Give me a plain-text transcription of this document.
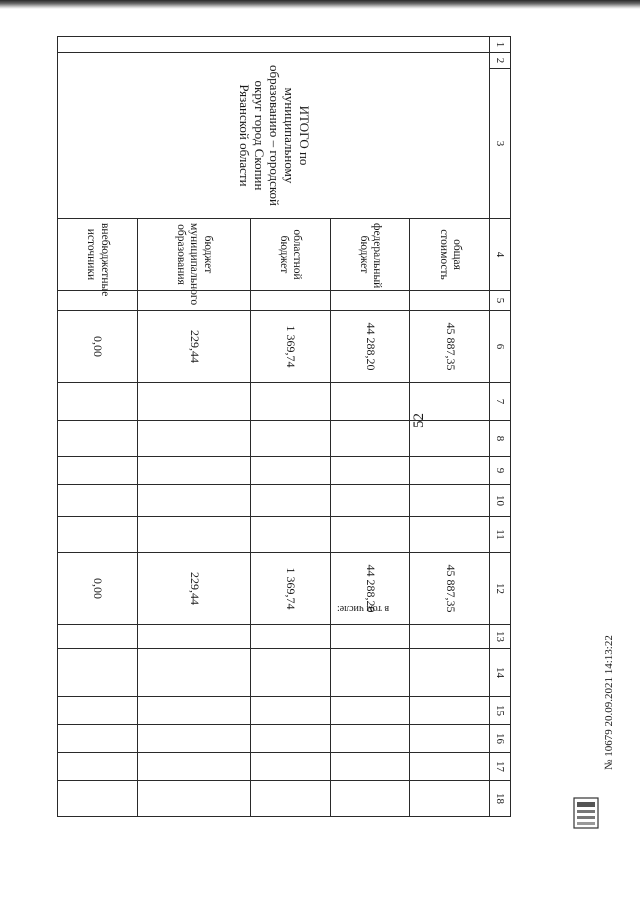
52
1	2	3	4	5	6	7	8	9	10	11	12	13	14	15	16	17	18
	ИТОГО по муниципальному образованию – городской округ город Скопин Рязанской области		общая стоимость		45 887,35						45 887,35						
			федеральный бюджет		44 288,20						44 288,20						
			областной бюджет		1 369,74						1 369,74						
			бюджет муниципального образования		229,44						229,44						
			внебюджетные источники		0,00						0,00						
в том числе:
№ 10679 20.09.2021 14:13:22
